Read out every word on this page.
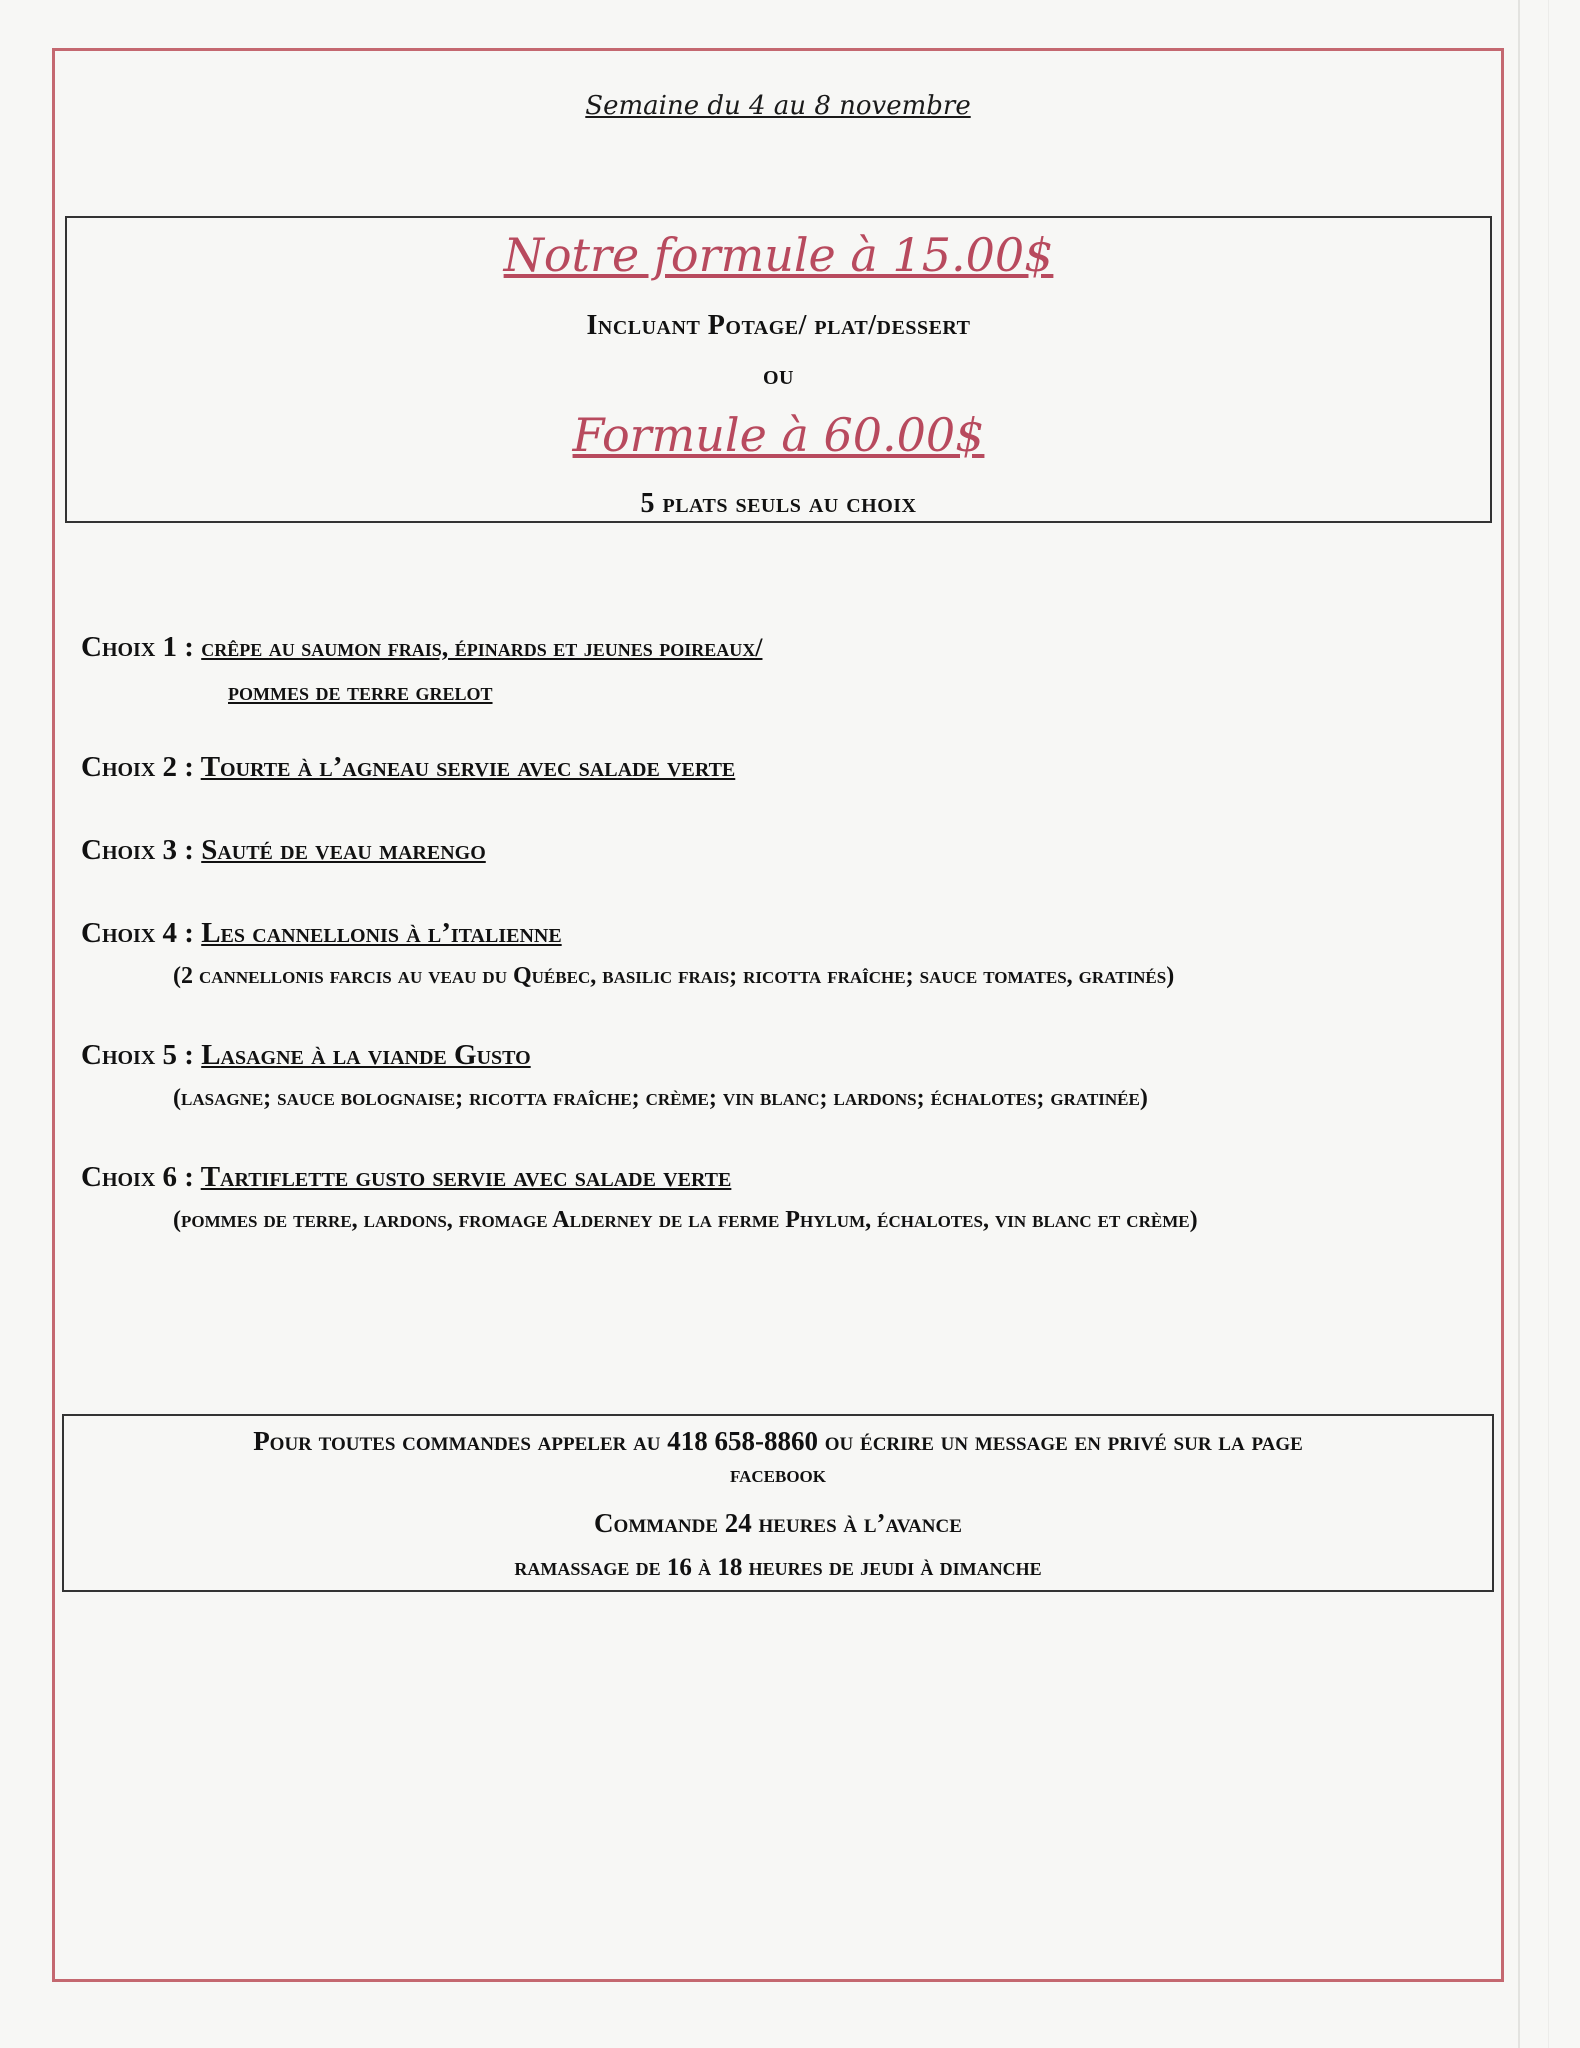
Semaine du 4 au 8 novembre
Notre formule à 15.00$
Incluant Potage/ plat/dessert
ou
Formule à 60.00$
5 plats seuls au choix
Choix 1 : crêpe au saumon frais, épinards et jeunes poireaux/
pommes de terre grelot
Choix 2 : Tourte à l’agneau servie avec salade verte
Choix 3 : Sauté de veau marengo
Choix 4 : Les cannellonis à l’italienne
(2 cannellonis farcis au veau du Québec, basilic frais; ricotta fraîche; sauce tomates, gratinés)
Choix 5 : Lasagne à la viande Gusto
(lasagne; sauce bolognaise; ricotta fraîche; crème; vin blanc; lardons; échalotes; gratinée)
Choix 6 : Tartiflette gusto servie avec salade verte
(pommes de terre, lardons, fromage Alderney de la ferme Phylum, échalotes, vin blanc et crème)
Pour toutes commandes appeler au 418 658-8860 ou écrire un message en privé sur la page
facebook
Commande 24 heures à l’avance
ramassage de 16 à 18 heures de jeudi à dimanche
